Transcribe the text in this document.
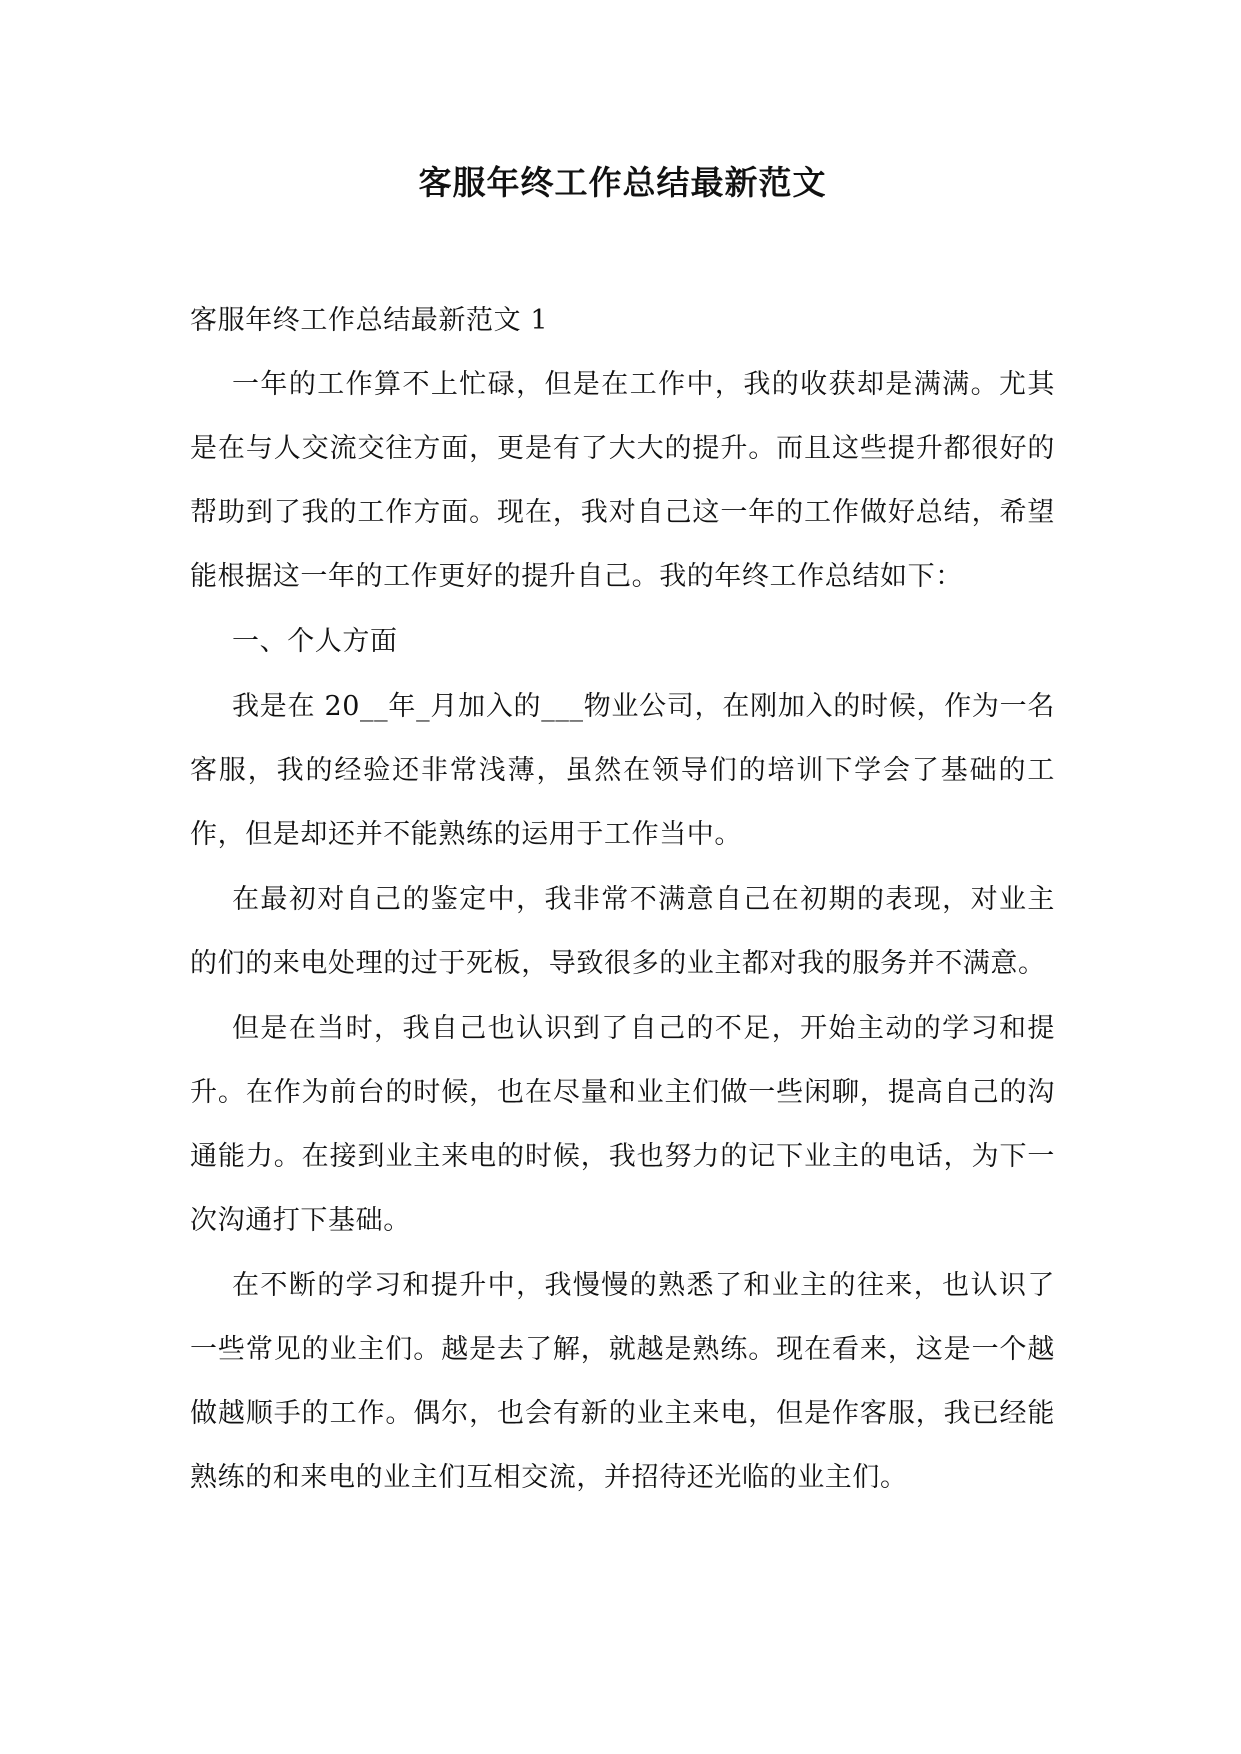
客服年终工作总结最新范文

客服年终工作总结最新范文 1

一年的工作算不上忙碌，但是在工作中，我的收获却是满满。尤其是在与人交流交往方面，更是有了大大的提升。而且这些提升都很好的帮助到了我的工作方面。现在，我对自己这一年的工作做好总结，希望能根据这一年的工作更好的提升自己。我的年终工作总结如下：

一、个人方面

我是在 20__年_月加入的___物业公司，在刚加入的时候，作为一名客服，我的经验还非常浅薄，虽然在领导们的培训下学会了基础的工作，但是却还并不能熟练的运用于工作当中。

在最初对自己的鉴定中，我非常不满意自己在初期的表现，对业主的们的来电处理的过于死板，导致很多的业主都对我的服务并不满意。

但是在当时，我自己也认识到了自己的不足，开始主动的学习和提升。在作为前台的时候，也在尽量和业主们做一些闲聊，提高自己的沟通能力。在接到业主来电的时候，我也努力的记下业主的电话，为下一次沟通打下基础。

在不断的学习和提升中，我慢慢的熟悉了和业主的往来，也认识了一些常见的业主们。越是去了解，就越是熟练。现在看来，这是一个越做越顺手的工作。偶尔，也会有新的业主来电，但是作客服，我已经能熟练的和来电的业主们互相交流，并招待还光临的业主们。
